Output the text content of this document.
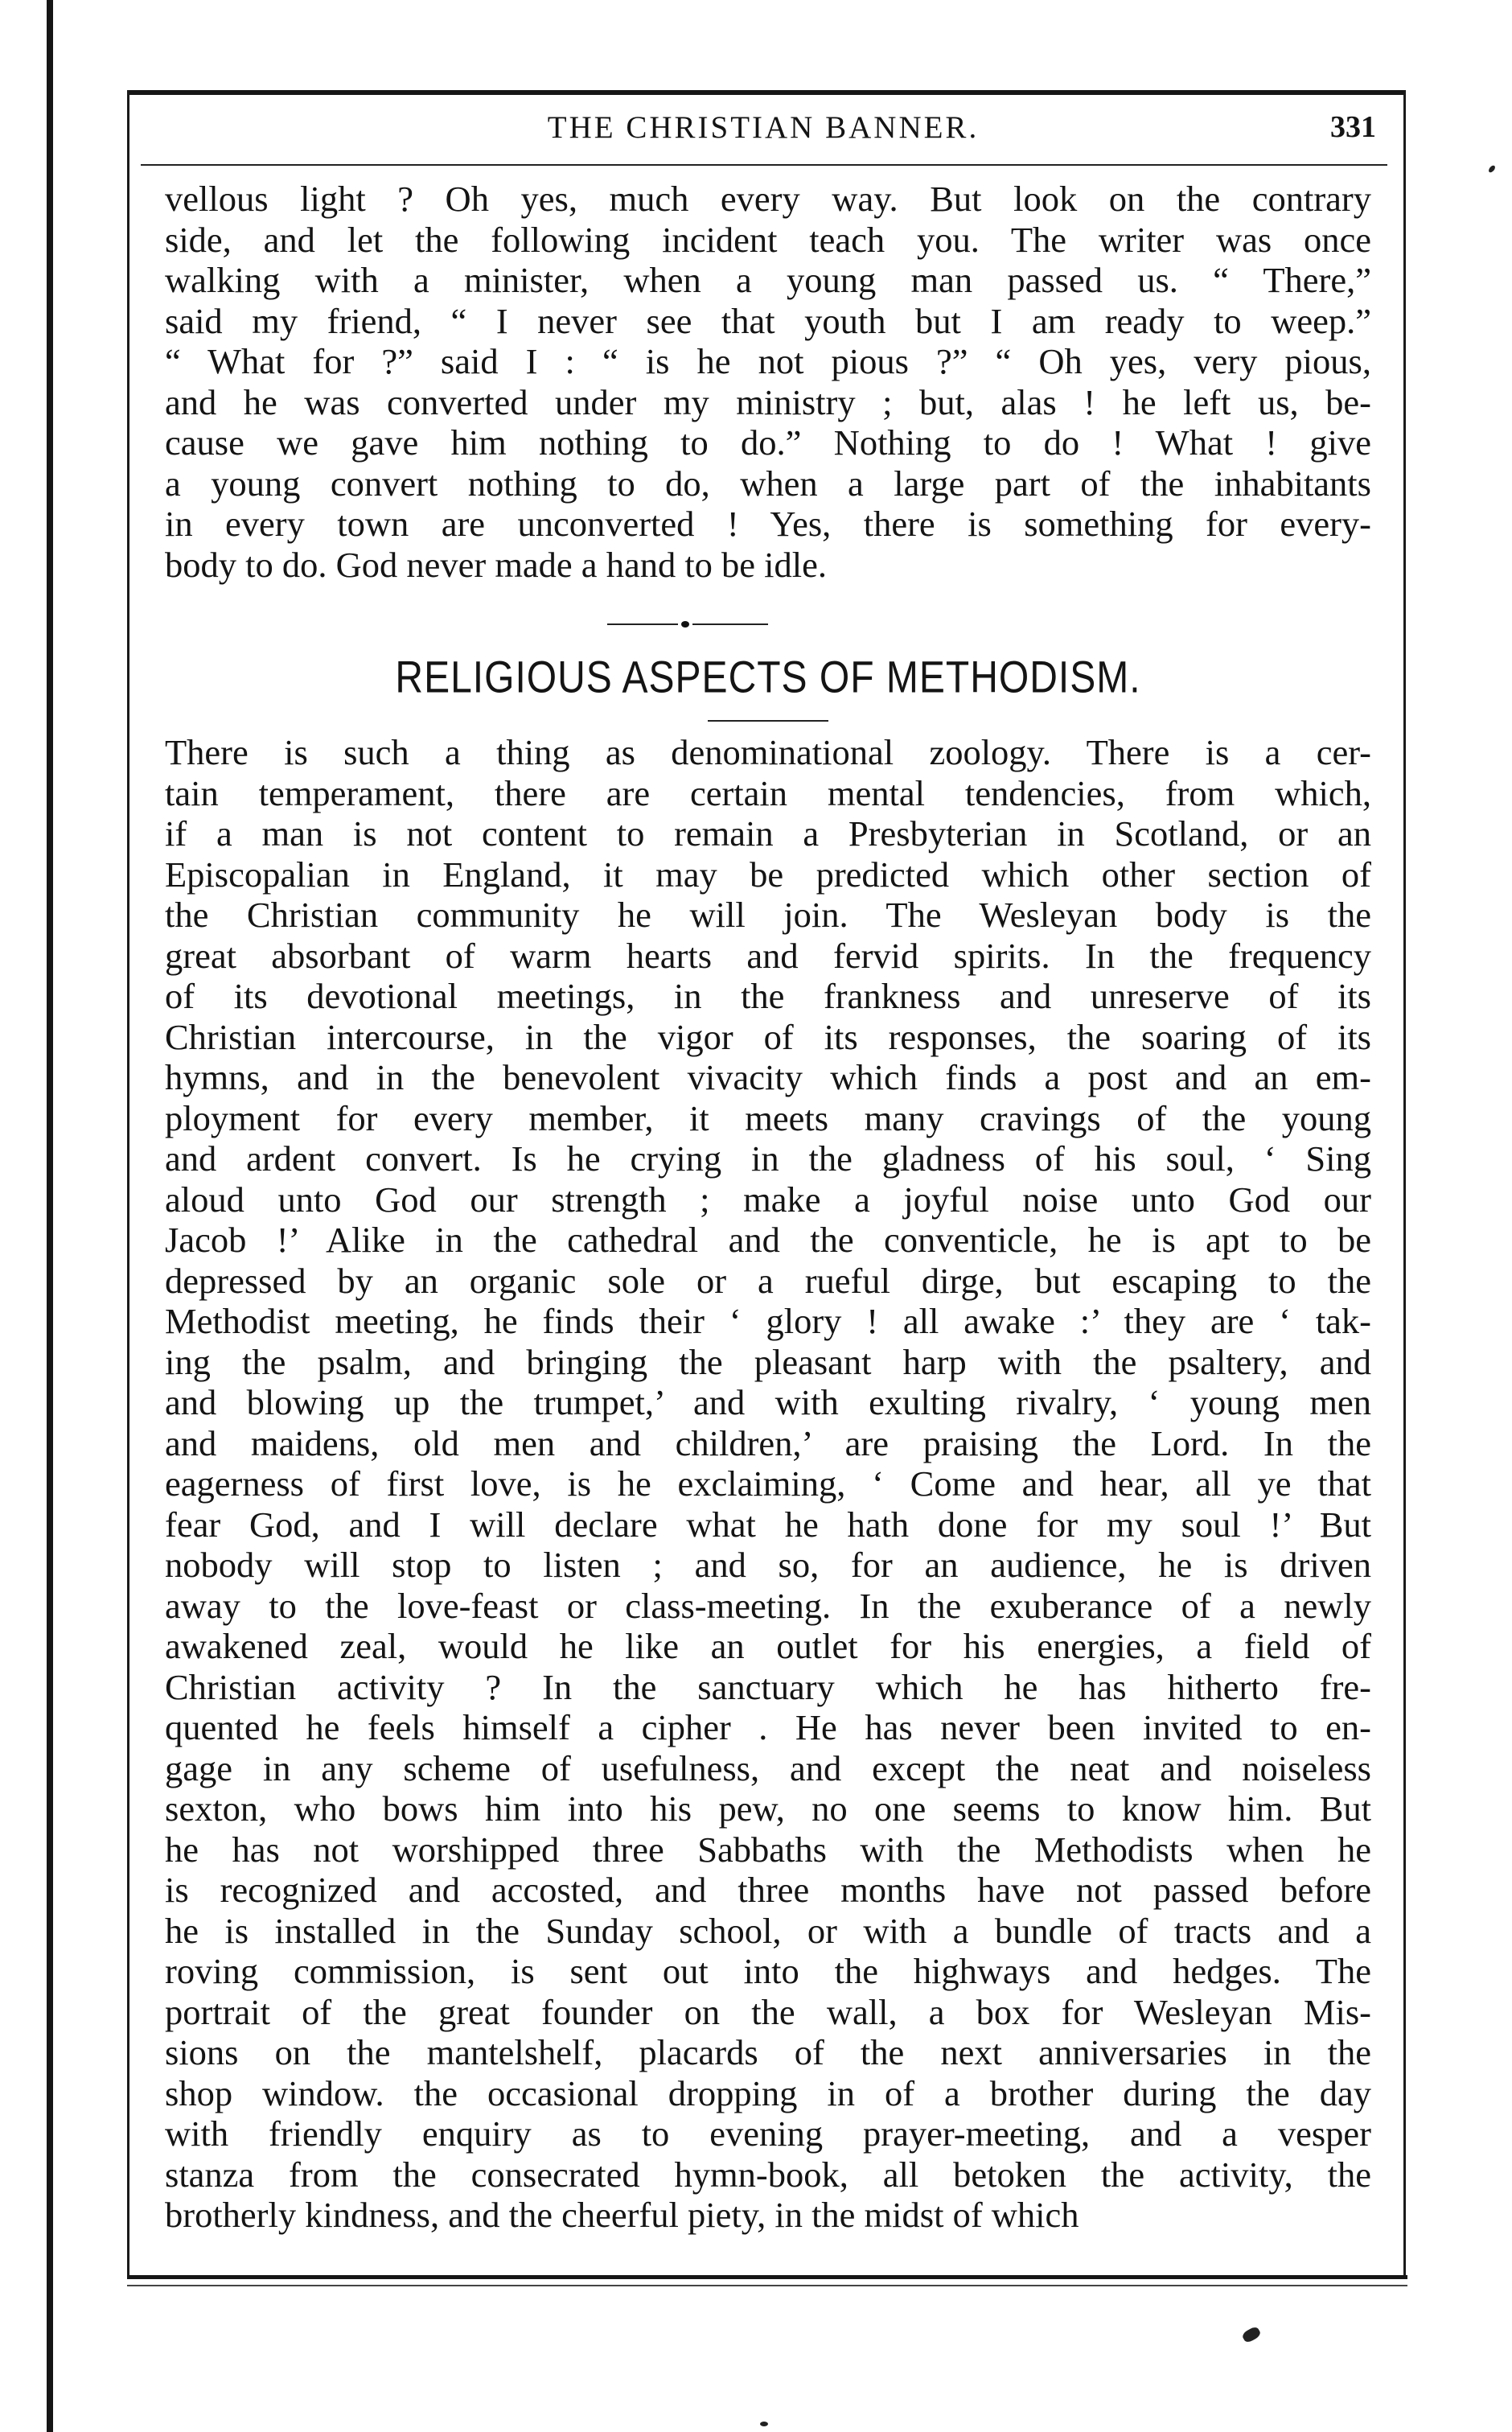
THE CHRISTIAN BANNER.	331
vellous light ? Oh yes, much every way. But look on the contrary
side, and let the following incident teach you. The writer was once
walking with a minister, when a young man passed us. “ There,”
said my friend, “ I never see that youth but I am ready to weep.”
“ What for ?” said I : “ is he not pious ?” “ Oh yes, very pious,
and he was converted under my ministry ; but, alas ! he left us, be-
cause we gave him nothing to do.” Nothing to do ! What ! give
a young convert nothing to do, when a large part of the inhabitants
in every town are unconverted ! Yes, there is something for every-
body to do. God never made a hand to be idle.
RELIGIOUS ASPECTS OF METHODISM.
There is such a thing as denominational zoology. There is a cer-
tain temperament, there are certain mental tendencies, from which,
if a man is not content to remain a Presbyterian in Scotland, or an
Episcopalian in England, it may be predicted which other section of
the Christian community he will join. The Wesleyan body is the
great absorbant of warm hearts and fervid spirits. In the frequency
of its devotional meetings, in the frankness and unreserve of its
Christian intercourse, in the vigor of its responses, the soaring of its
hymns, and in the benevolent vivacity which finds a post and an em-
ployment for every member, it meets many cravings of the young
and ardent convert. Is he crying in the gladness of his soul, ‘ Sing
aloud unto God our strength ; make a joyful noise unto God our
Jacob !’ Alike in the cathedral and the conventicle, he is apt to be
depressed by an organic sole or a rueful dirge, but escaping to the
Methodist meeting, he finds their ‘ glory ! all awake :’ they are ‘ tak-
ing the psalm, and bringing the pleasant harp with the psaltery, and
and blowing up the trumpet,’ and with exulting rivalry, ‘ young men
and maidens, old men and children,’ are praising the Lord. In the
eagerness of first love, is he exclaiming, ‘ Come and hear, all ye that
fear God, and I will declare what he hath done for my soul !’ But
nobody will stop to listen ; and so, for an audience, he is driven
away to the love-feast or class-meeting. In the exuberance of a newly
awakened zeal, would he like an outlet for his energies, a field of
Christian activity ? In the sanctuary which he has hitherto fre-
quented he feels himself a cipher . He has never been invited to en-
gage in any scheme of usefulness, and except the neat and noiseless
sexton, who bows him into his pew, no one seems to know him. But
he has not worshipped three Sabbaths with the Methodists when he
is recognized and accosted, and three months have not passed before
he is installed in the Sunday school, or with a bundle of tracts and a
roving commission, is sent out into the highways and hedges. The
portrait of the great founder on the wall, a box for Wesleyan Mis-
sions on the mantelshelf, placards of the next anniversaries in the
shop window. the occasional dropping in of a brother during the day
with friendly enquiry as to evening prayer-meeting, and a vesper
stanza from the consecrated hymn-book, all betoken the activity, the
brotherly kindness, and the cheerful piety, in the midst of which
